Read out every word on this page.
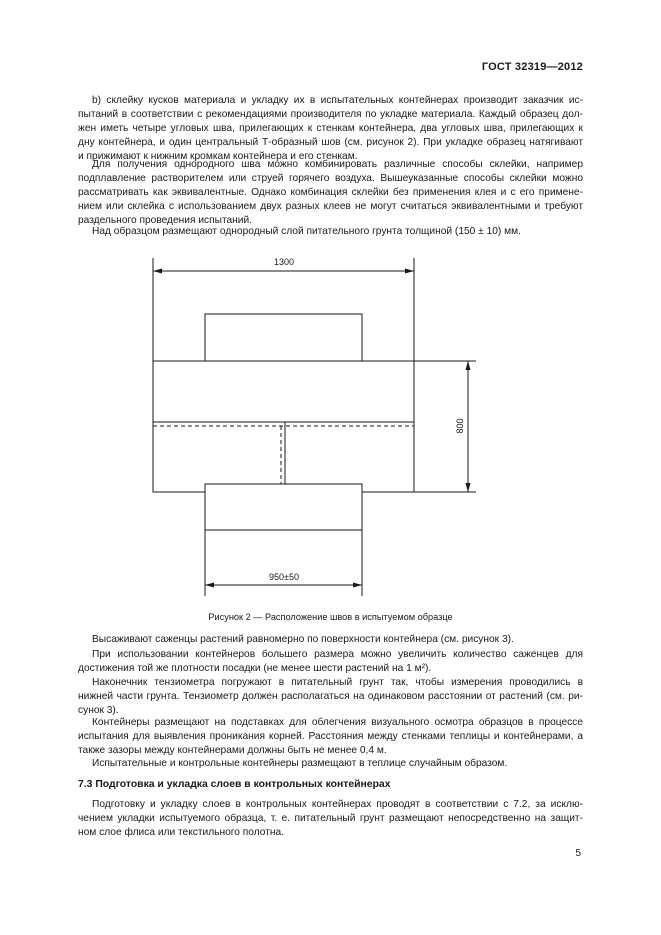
ГОСТ 32319—2012
b) склейку кусков материала и укладку их в испытательных контейнерах производит заказчик ис-
пытаний в соответствии с рекомендациями производителя по укладке материала. Каждый образец дол-
жен иметь четыре угловых шва, прилегающих к стенкам контейнера, два угловых шва, прилегающих к
дну контейнера, и один центральный Т-образный шов (см. рисунок 2). При укладке образец натягивают
и прижимают к нижним кромкам контейнера и его стенкам.
Для получения однородного шва можно комбинировать различные способы склейки, например
подплавление растворителем или струей горячего воздуха. Вышеуказанные способы склейки можно
рассматривать как эквивалентные. Однако комбинация склейки без применения клея и с его примене-
нием или склейка с использованием двух разных клеев не могут считаться эквивалентными и требуют
раздельного проведения испытаний.
Над образцом размещают однородный слой питательного грунта толщиной (150 ± 10) мм.
1300
800
950±50
Рисунок 2 — Расположение швов в испытуемом образце
Высаживают саженцы растений равномерно по поверхности контейнера (см. рисунок 3).
При использовании контейнеров большего размера можно увеличить количество саженцев для
достижения той же плотности посадки (не менее шести растений на 1 м²).
Наконечник тензиометра погружают в питательный грунт так, чтобы измерения проводились в
нижней части грунта. Тензиометр должен располагаться на одинаковом расстоянии от растений (см. ри-
сунок 3).
Контейнеры размещают на подставках для облегчения визуального осмотра образцов в процессе
испытания для выявления проникания корней. Расстояния между стенками теплицы и контейнерами, а
также зазоры между контейнерами должны быть не менее 0,4 м.
Испытательные и контрольные контейнеры размещают в теплице случайным образом.
7.3 Подготовка и укладка слоев в контрольных контейнерах
Подготовку и укладку слоев в контрольных контейнерах проводят в соответствии с 7.2, за исклю-
чением укладки испытуемого образца, т. е. питательный грунт размещают непосредственно на защит-
ном слое флиса или текстильного полотна.
5
